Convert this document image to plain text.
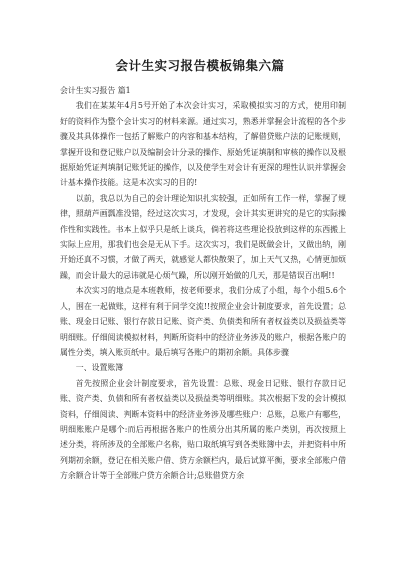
会计生实习报告模板锦集六篇

会计生实习报告 篇1

我们在某某年4月5号开始了本次会计实习，采取模拟实习的方式，使用印制好的资料作为整个会计实习的材料来源。通过实习，熟悉并掌握会计流程的各个步骤及其具体操作一包括了解账户的内容和基本结构，了解借贷账户法的记账规则，掌握开设和登记账户以及编制会计分录的操作、原始凭证填制和审核的操作以及根据原始凭证判填制记账凭证的操作，以及使学生对会计有更深的理性认识并掌握会计基本操作技能。这是本次实习的目的!

以前，我总以为自己的会计理论知识扎实较强，正如所有工作一样，掌握了规律，照葫芦画瓢准没错，经过这次实习，才发现，会计其实更讲究的是它的实际操作性和实践性。书本上似乎只是纸上谈兵，倘若将这些理论投放到这样的东西搬上实际上应用，那我们也会是无从下手。这次实习，我们是既做会计，又做出纳，刚开始还真不习惯，才做了两天，就感觉人都快散架了，加上天气又热，心情更加烦躁，而会计最大的忌讳就是心烦气躁，所以刚开始做的几天，那是错误百出啊!!

本次实习的地点是本班教师，按老师要求，我们分成了小组，每个小组5.6个人，围在一起做账，这样有利于同学交流!!按照企业会计制度要求，首先设置；总账、现金日记账、银行存款日记账、资产类、负债类和所有者权益类以及损益类等明细账。仔细阅读模拟材料，判断所资料中的经济业务涉及的账户，根据各账户的属性分类，填入账页纸中。最后填写各账户的期初余额。具体步骤

一、设置账簿

首先按照企业会计制度要求，首先设置：总账、现金日记账、银行存款日记账、资产类、负债和所有者权益类以及损益类等明细账。其次根据下发的会计模拟资料，仔细阅读、判断本资料中的经济业务涉及哪些账户：总账，总账户有哪些，明细账账户是哪个:而后再根据各账户的性质分出其所属的账户类别，再次按照上述分类，将所涉及的全部账户名称，贴口取纸填写到各类账簿中去，并把资料中所列期初余额，登记在相关账户借、贷方余额栏内，最后试算平衡，要求全部账户借方余额合计等于全部账户贷方余额合计;总账借贷方余
